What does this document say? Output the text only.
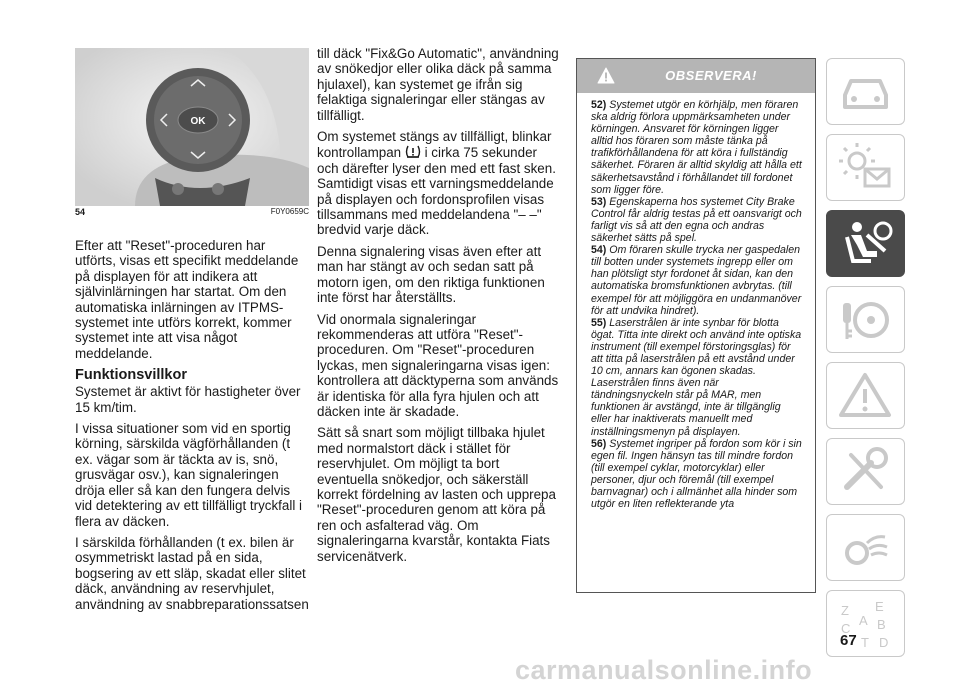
OK
54	F0Y0659C

Efter att "Reset"-proceduren har utförts, visas ett specifikt meddelande på displayen för att indikera att självinlärningen har startat. Om den automatiska inlärningen av ITPMS-systemet inte utförs korrekt, kommer systemet inte att visa något meddelande.

Funktionsvillkor

Systemet är aktivt för hastigheter över 15 km/tim.

I vissa situationer som vid en sportig körning, särskilda vägförhållanden (t ex. vägar som är täckta av is, snö, grusvägar osv.), kan signaleringen dröja eller så kan den fungera delvis vid detektering av ett tillfälligt tryckfall i flera av däcken.

I särskilda förhållanden (t ex. bilen är osymmetriskt lastad på en sida, bogsering av ett släp, skadat eller slitet däck, användning av reservhjulet, användning av snabbreparationssatsen

till däck "Fix&Go Automatic", användning av snökedjor eller olika däck på samma hjulaxel), kan systemet ge ifrån sig felaktiga signaleringar eller stängas av tillfälligt.

Om systemet stängs av tillfälligt, blinkar kontrollampan i cirka 75 sekunder och därefter lyser den med ett fast sken. Samtidigt visas ett varningsmeddelande på displayen och fordonsprofilen visas tillsammans med meddelandena "– –" bredvid varje däck.

Denna signalering visas även efter att man har stängt av och sedan satt på motorn igen, om den riktiga funktionen inte först har återställts.

Vid onormala signaleringar rekommenderas att utföra "Reset"-proceduren. Om "Reset"-proceduren lyckas, men signaleringarna visas igen: kontrollera att däcktyperna som används är identiska för alla fyra hjulen och att däcken inte är skadade.

Sätt så snart som möjligt tillbaka hjulet med normalstort däck i stället för reservhjulet. Om möjligt ta bort eventuella snökedjor, och säkerställ korrekt fördelning av lasten och upprepa "Reset"-proceduren genom att köra på ren och asfalterad väg. Om signaleringarna kvarstår, kontakta Fiats servicenätverk.

OBSERVERA!

52) Systemet utgör en körhjälp, men föraren ska aldrig förlora uppmärksamheten under körningen. Ansvaret för körningen ligger alltid hos föraren som måste tänka på trafikförhållandena för att köra i fullständig säkerhet. Föraren är alltid skyldig att hålla ett säkerhetsavstånd i förhållandet till fordonet som ligger före.

53) Egenskaperna hos systemet City Brake Control får aldrig testas på ett oansvarigt och farligt vis så att den egna och andras säkerhet sätts på spel.

54) Om föraren skulle trycka ner gaspedalen till botten under systemets ingrepp eller om han plötsligt styr fordonet åt sidan, kan den automatiska bromsfunktionen avbrytas. (till exempel för att möjliggöra en undanmanöver för att undvika hindret).

55) Laserstrålen är inte synbar för blotta ögat. Titta inte direkt och använd inte optiska instrument (till exempel förstoringsglas) för att titta på laserstrålen på ett avstånd under 10 cm, annars kan ögonen skadas. Laserstrålen finns även när tändningsnyckeln står på MAR, men funktionen är avstängd, inte är tillgänglig eller har inaktiverats manuellt med inställningsmenyn på displayen.

56) Systemet ingriper på fordon som kör i sin egen fil. Ingen hänsyn tas till mindre fordon (till exempel cyklar, motorcyklar) eller personer, djur och föremål (till exempel barnvagnar) och i allmänhet alla hinder som utgör en liten reflekterande yta

Z E
C
A
T
B
D
67
carmanualsonline.info
